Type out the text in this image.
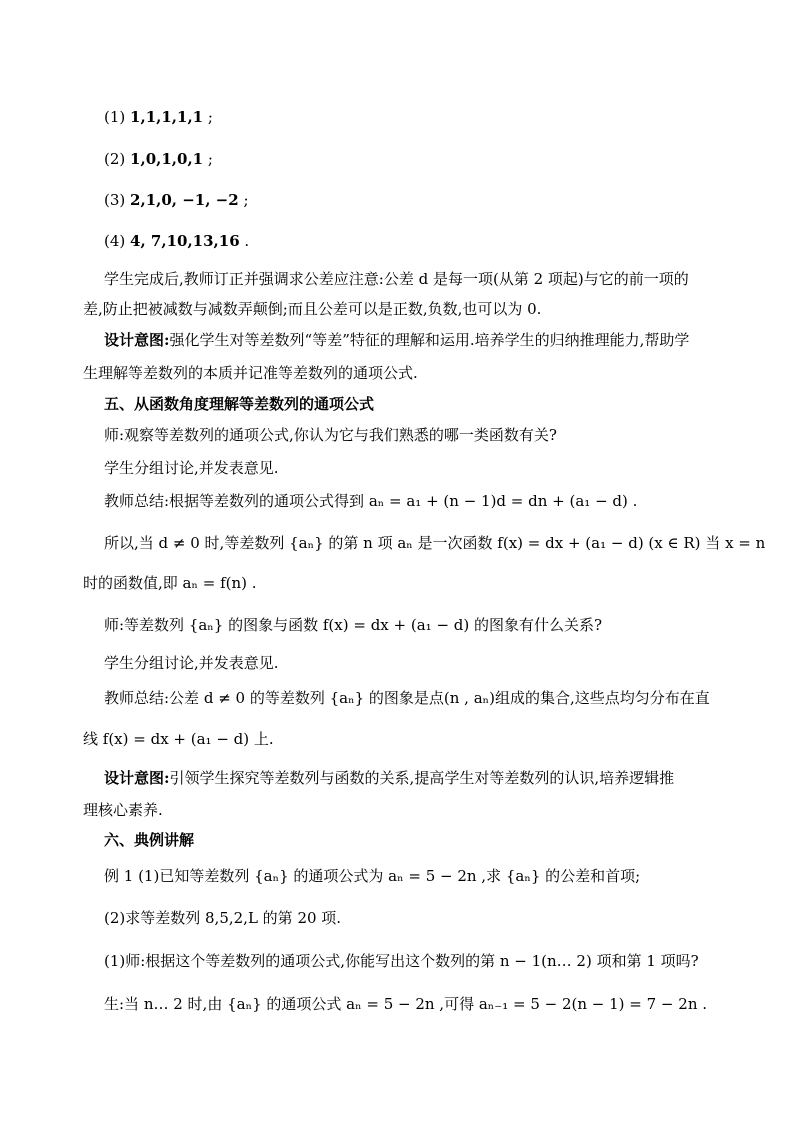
(1) 1,1,1,1,1 ;
(2) 1,0,1,0,1 ;
(3) 2,1,0, −1, −2 ;
(4) 4, 7,10,13,16 .
学生完成后,教师订正并强调求公差应注意:公差 d 是每一项(从第 2 项起)与它的前一项的
差,防止把被减数与减数弄颠倒;而且公差可以是正数,负数,也可以为 0.
设计意图:强化学生对等差数列“等差”特征的理解和运用.培养学生的归纳推理能力,帮助学
生理解等差数列的本质并记准等差数列的通项公式.
五、从函数角度理解等差数列的通项公式
师:观察等差数列的通项公式,你认为它与我们熟悉的哪一类函数有关?
学生分组讨论,并发表意见.
教师总结:根据等差数列的通项公式得到 aₙ = a₁ + (n − 1)d = dn + (a₁ − d) .
所以,当 d ≠ 0 时,等差数列 {aₙ} 的第 n 项 aₙ 是一次函数 f(x) = dx + (a₁ − d) (x ∈ R) 当 x = n
时的函数值,即 aₙ = f(n) .
师:等差数列 {aₙ} 的图象与函数 f(x) = dx + (a₁ − d) 的图象有什么关系?
学生分组讨论,并发表意见.
教师总结:公差 d ≠ 0 的等差数列 {aₙ} 的图象是点(n , aₙ)组成的集合,这些点均匀分布在直
线 f(x) = dx + (a₁ − d) 上.
设计意图:引领学生探究等差数列与函数的关系,提高学生对等差数列的认识,培养逻辑推
理核心素养.
六、典例讲解
例 1 (1)已知等差数列 {aₙ} 的通项公式为 aₙ = 5 − 2n ,求 {aₙ} 的公差和首项;
(2)求等差数列 8,5,2,L 的第 20 项.
(1)师:根据这个等差数列的通项公式,你能写出这个数列的第 n − 1(n… 2) 项和第 1 项吗?
生:当 n… 2 时,由 {aₙ} 的通项公式 aₙ = 5 − 2n ,可得 aₙ₋₁ = 5 − 2(n − 1) = 7 − 2n .
